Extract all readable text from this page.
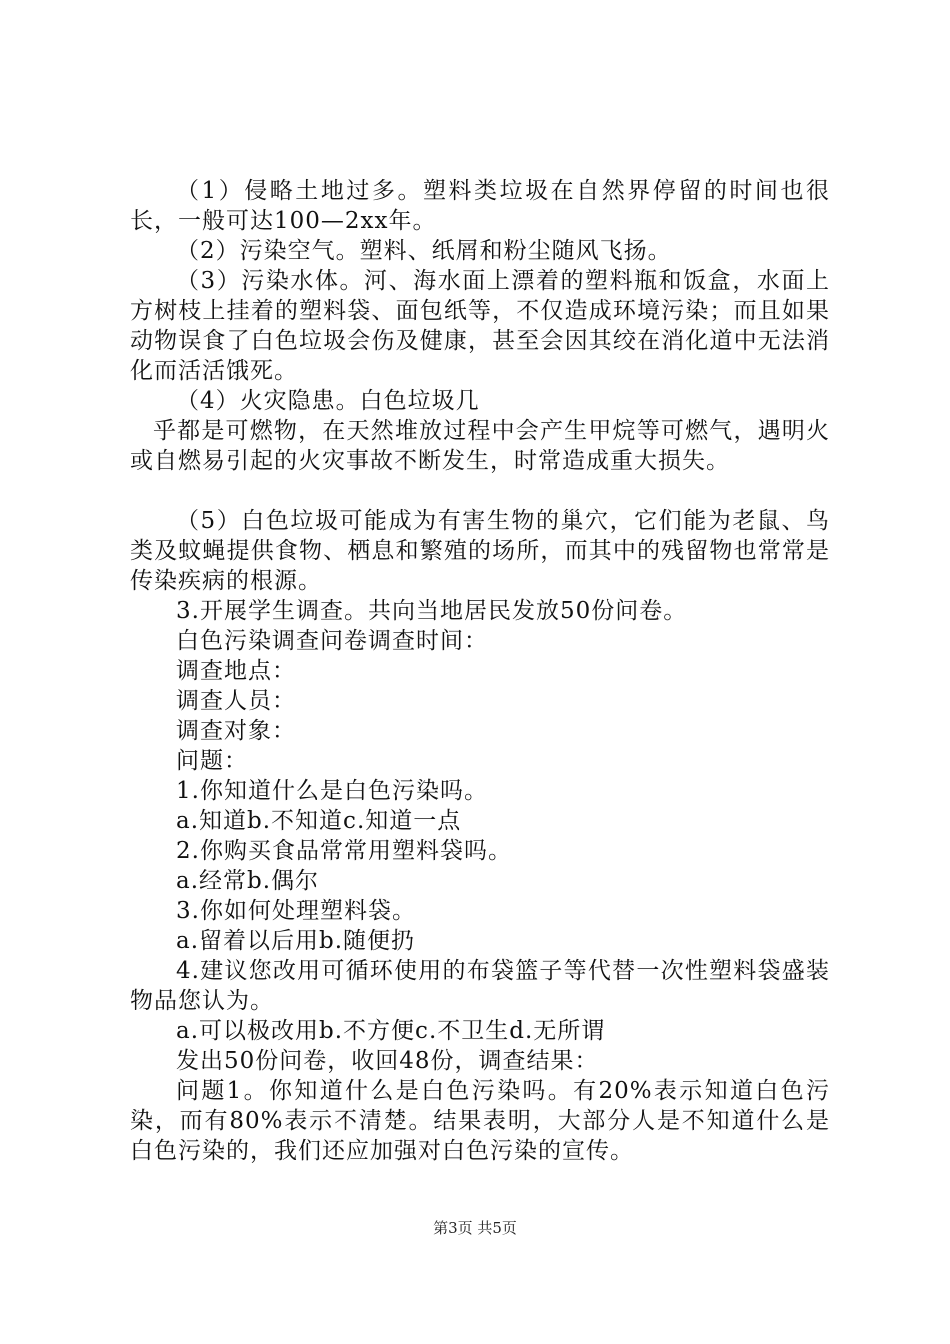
（1）侵略土地过多。塑料类垃圾在自然界停留的时间也很长，一般可达100—2xx年。

（2）污染空气。塑料、纸屑和粉尘随风飞扬。

（3）污染水体。河、海水面上漂着的塑料瓶和饭盒，水面上方树枝上挂着的塑料袋、面包纸等，不仅造成环境污染；而且如果动物误食了白色垃圾会伤及健康，甚至会因其绞在消化道中无法消化而活活饿死。

（4）火灾隐患。白色垃圾几

乎都是可燃物，在天然堆放过程中会产生甲烷等可燃气，遇明火或自燃易引起的火灾事故不断发生，时常造成重大损失。

（5）白色垃圾可能成为有害生物的巢穴，它们能为老鼠、鸟类及蚊蝇提供食物、栖息和繁殖的场所，而其中的残留物也常常是传染疾病的根源。

3.开展学生调查。共向当地居民发放50份问卷。

白色污染调查问卷调查时间：

调查地点：

调查人员：

调查对象：

问题：

1.你知道什么是白色污染吗。

a.知道b.不知道c.知道一点

2.你购买食品常常用塑料袋吗。

a.经常b.偶尔

3.你如何处理塑料袋。

a.留着以后用b.随便扔

4.建议您改用可循环使用的布袋篮子等代替一次性塑料袋盛装物品您认为。

a.可以极改用b.不方便c.不卫生d.无所谓

发出50份问卷，收回48份，调查结果：

问题1。你知道什么是白色污染吗。有20%表示知道白色污染，而有80%表示不清楚。结果表明，大部分人是不知道什么是白色污染的，我们还应加强对白色污染的宣传。

第3页 共5页
